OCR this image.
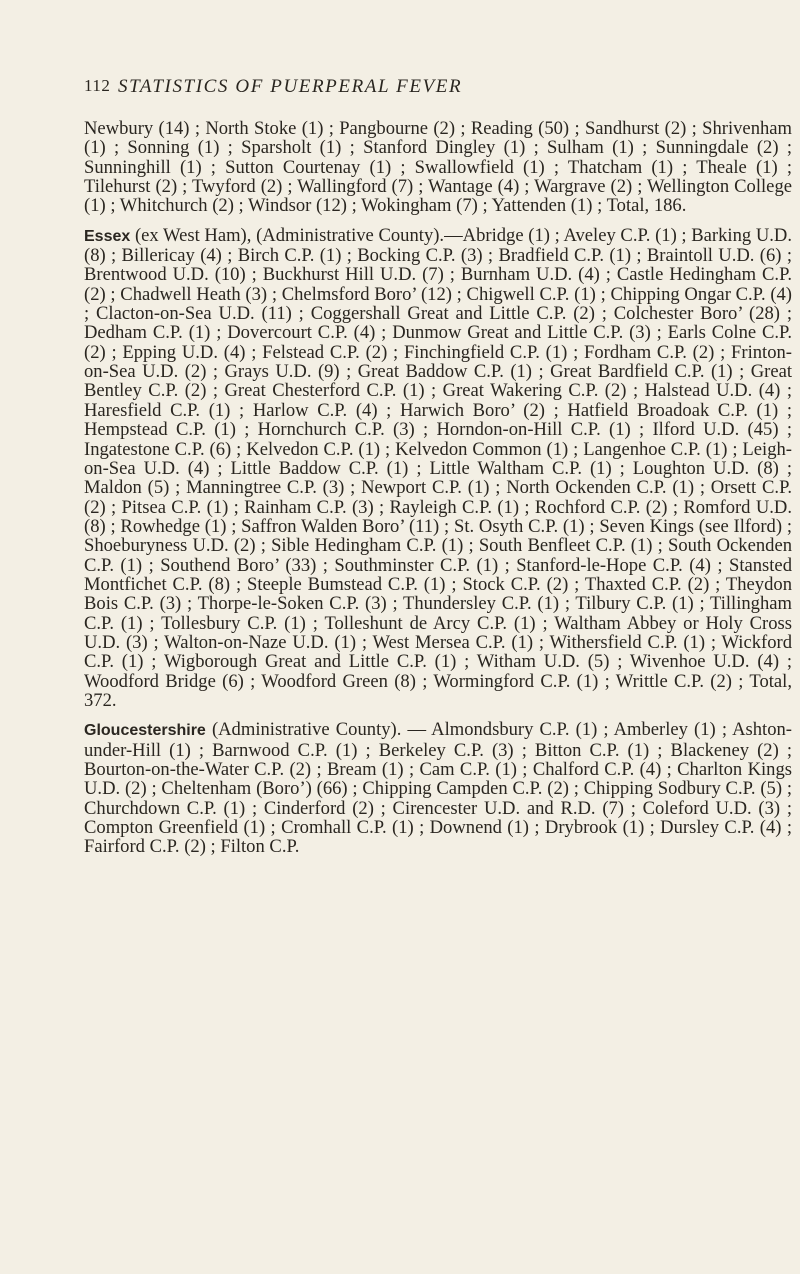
112 STATISTICS OF PUERPERAL FEVER

Newbury (14) ; North Stoke (1) ; Pangbourne (2) ; Reading (50) ; Sandhurst (2) ; Shrivenham (1) ; Sonning (1) ; Sparsholt (1) ; Stanford Dingley (1) ; Sulham (1) ; Sunningdale (2) ; Sunninghill (1) ; Sutton Courtenay (1) ; Swallowfield (1) ; Thatcham (1) ; Theale (1) ; Tilehurst (2) ; Twyford (2) ; Wallingford (7) ; Wantage (4) ; Wargrave (2) ; Wellington College (1) ; Whitchurch (2) ; Windsor (12) ; Wokingham (7) ; Yattenden (1) ; Total, 186.

Essex (ex West Ham), (Administrative County).—Abridge (1) ; Aveley C.P. (1) ; Barking U.D. (8) ; Billericay (4) ; Birch C.P. (1) ; Bocking C.P. (3) ; Bradfield C.P. (1) ; Braintoll U.D. (6) ; Brentwood U.D. (10) ; Buckhurst Hill U.D. (7) ; Burnham U.D. (4) ; Castle Hedingham C.P. (2) ; Chadwell Heath (3) ; Chelmsford Boro’ (12) ; Chigwell C.P. (1) ; Chipping Ongar C.P. (4) ; Clacton-on-Sea U.D. (11) ; Coggershall Great and Little C.P. (2) ; Colchester Boro’ (28) ; Dedham C.P. (1) ; Dovercourt C.P. (4) ; Dunmow Great and Little C.P. (3) ; Earls Colne C.P. (2) ; Epping U.D. (4) ; Felstead C.P. (2) ; Finchingfield C.P. (1) ; Fordham C.P. (2) ; Frinton-on-Sea U.D. (2) ; Grays U.D. (9) ; Great Baddow C.P. (1) ; Great Bardfield C.P. (1) ; Great Bentley C.P. (2) ; Great Chesterford C.P. (1) ; Great Wakering C.P. (2) ; Halstead U.D. (4) ; Haresfield C.P. (1) ; Harlow C.P. (4) ; Harwich Boro’ (2) ; Hatfield Broadoak C.P. (1) ; Hempstead C.P. (1) ; Hornchurch C.P. (3) ; Horndon-on-Hill C.P. (1) ; Ilford U.D. (45) ; Ingatestone C.P. (6) ; Kelvedon C.P. (1) ; Kelvedon Common (1) ; Langenhoe C.P. (1) ; Leigh-on-Sea U.D. (4) ; Little Baddow C.P. (1) ; Little Waltham C.P. (1) ; Loughton U.D. (8) ; Maldon (5) ; Manningtree C.P. (3) ; Newport C.P. (1) ; North Ockenden C.P. (1) ; Orsett C.P. (2) ; Pitsea C.P. (1) ; Rainham C.P. (3) ; Rayleigh C.P. (1) ; Rochford C.P. (2) ; Romford U.D. (8) ; Rowhedge (1) ; Saffron Walden Boro’ (11) ; St. Osyth C.P. (1) ; Seven Kings (see Ilford) ; Shoeburyness U.D. (2) ; Sible Hedingham C.P. (1) ; South Benfleet C.P. (1) ; South Ockenden C.P. (1) ; Southend Boro’ (33) ; Southminster C.P. (1) ; Stanford-le-Hope C.P. (4) ; Stansted Montfichet C.P. (8) ; Steeple Bumstead C.P. (1) ; Stock C.P. (2) ; Thaxted C.P. (2) ; Theydon Bois C.P. (3) ; Thorpe-le-Soken C.P. (3) ; Thundersley C.P. (1) ; Tilbury C.P. (1) ; Tillingham C.P. (1) ; Tollesbury C.P. (1) ; Tolleshunt de Arcy C.P. (1) ; Waltham Abbey or Holy Cross U.D. (3) ; Walton-on-Naze U.D. (1) ; West Mersea C.P. (1) ; Withersfield C.P. (1) ; Wickford C.P. (1) ; Wigborough Great and Little C.P. (1) ; Witham U.D. (5) ; Wivenhoe U.D. (4) ; Woodford Bridge (6) ; Woodford Green (8) ; Wormingford C.P. (1) ; Writtle C.P. (2) ; Total, 372.

Gloucestershire (Administrative County). — Almondsbury C.P. (1) ; Amberley (1) ; Ashton-under-Hill (1) ; Barnwood C.P. (1) ; Berkeley C.P. (3) ; Bitton C.P. (1) ; Blackeney (2) ; Bourton-on-the-Water C.P. (2) ; Bream (1) ; Cam C.P. (1) ; Chalford C.P. (4) ; Charlton Kings U.D. (2) ; Cheltenham (Boro’) (66) ; Chipping Campden C.P. (2) ; Chipping Sodbury C.P. (5) ; Churchdown C.P. (1) ; Cinderford (2) ; Cirencester U.D. and R.D. (7) ; Coleford U.D. (3) ; Compton Greenfield (1) ; Cromhall C.P. (1) ; Downend (1) ; Drybrook (1) ; Dursley C.P. (4) ; Fairford C.P. (2) ; Filton C.P.
